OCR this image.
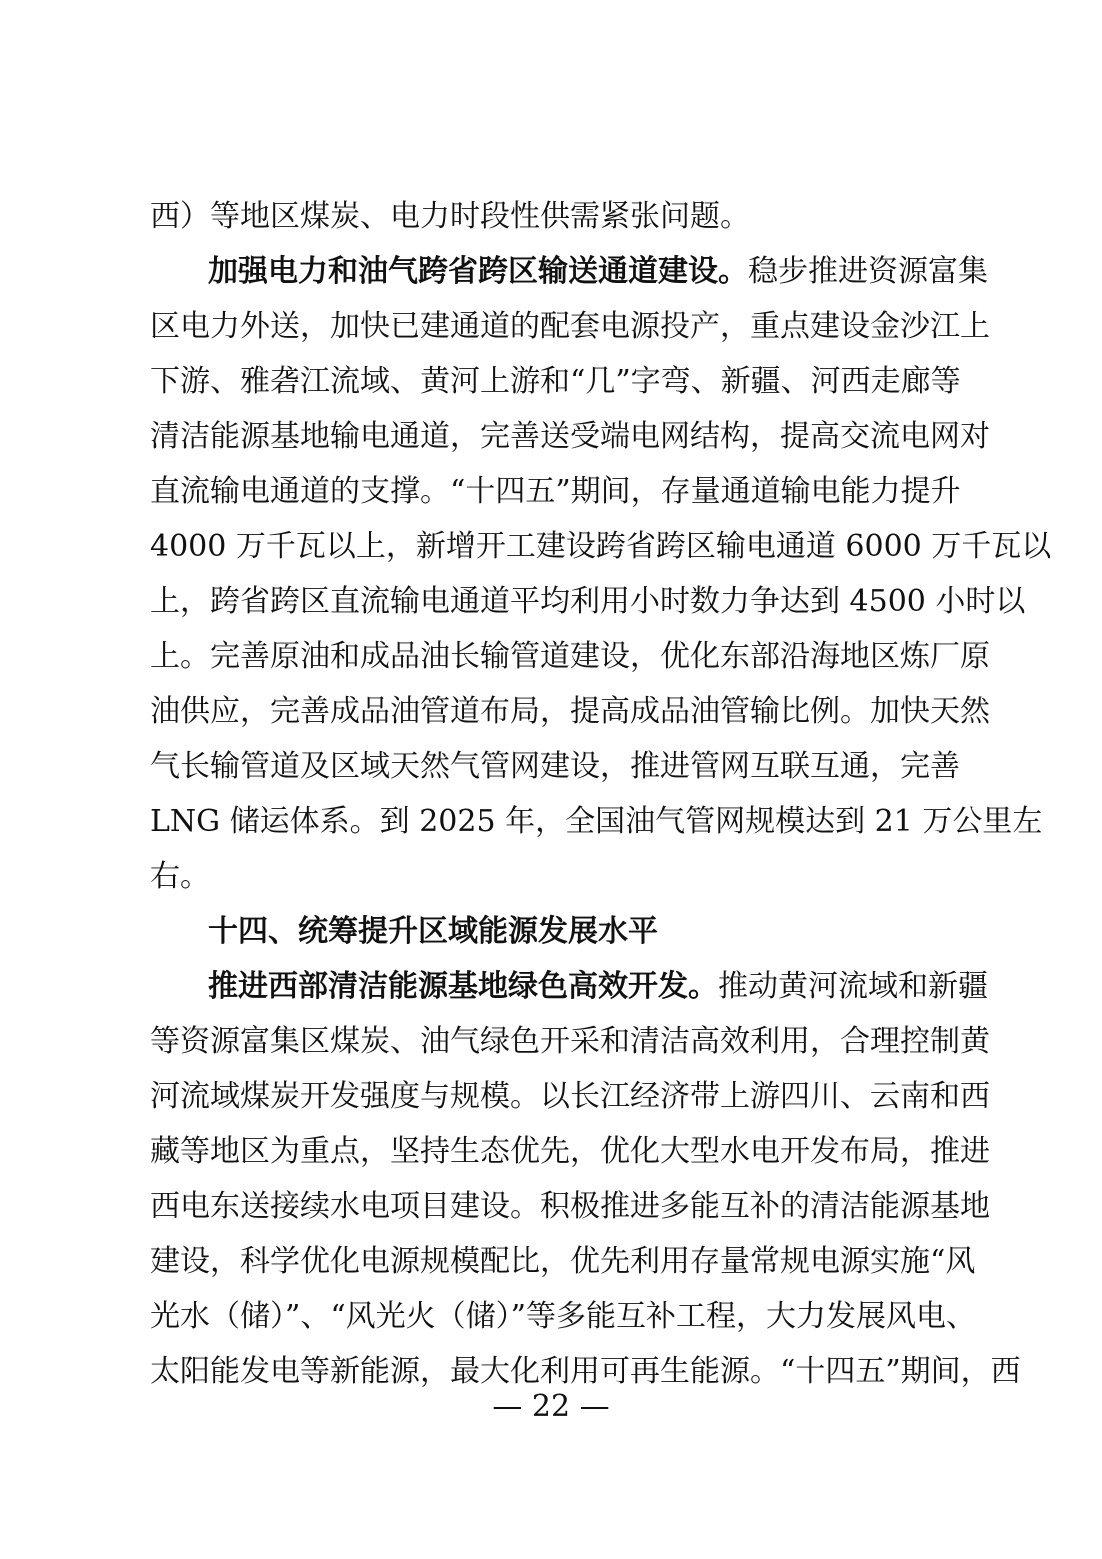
西）等地区煤炭、电力时段性供需紧张问题。
加强电力和油气跨省跨区输送通道建设。稳步推进资源富集
区电力外送，加快已建通道的配套电源投产，重点建设金沙江上
下游、雅砻江流域、黄河上游和“几”字弯、新疆、河西走廊等
清洁能源基地输电通道，完善送受端电网结构，提高交流电网对
直流输电通道的支撑。“十四五”期间，存量通道输电能力提升
4000 万千瓦以上，新增开工建设跨省跨区输电通道 6000 万千瓦以
上，跨省跨区直流输电通道平均利用小时数力争达到 4500 小时以
上。完善原油和成品油长输管道建设，优化东部沿海地区炼厂原
油供应，完善成品油管道布局，提高成品油管输比例。加快天然
气长输管道及区域天然气管网建设，推进管网互联互通，完善
LNG 储运体系。到 2025 年，全国油气管网规模达到 21 万公里左
右。
十四、统筹提升区域能源发展水平
推进西部清洁能源基地绿色高效开发。推动黄河流域和新疆
等资源富集区煤炭、油气绿色开采和清洁高效利用，合理控制黄
河流域煤炭开发强度与规模。以长江经济带上游四川、云南和西
藏等地区为重点，坚持生态优先，优化大型水电开发布局，推进
西电东送接续水电项目建设。积极推进多能互补的清洁能源基地
建设，科学优化电源规模配比，优先利用存量常规电源实施“风
光水（储）”、“风光火（储）”等多能互补工程，大力发展风电、
太阳能发电等新能源，最大化利用可再生能源。“十四五”期间，西
— 22 —
